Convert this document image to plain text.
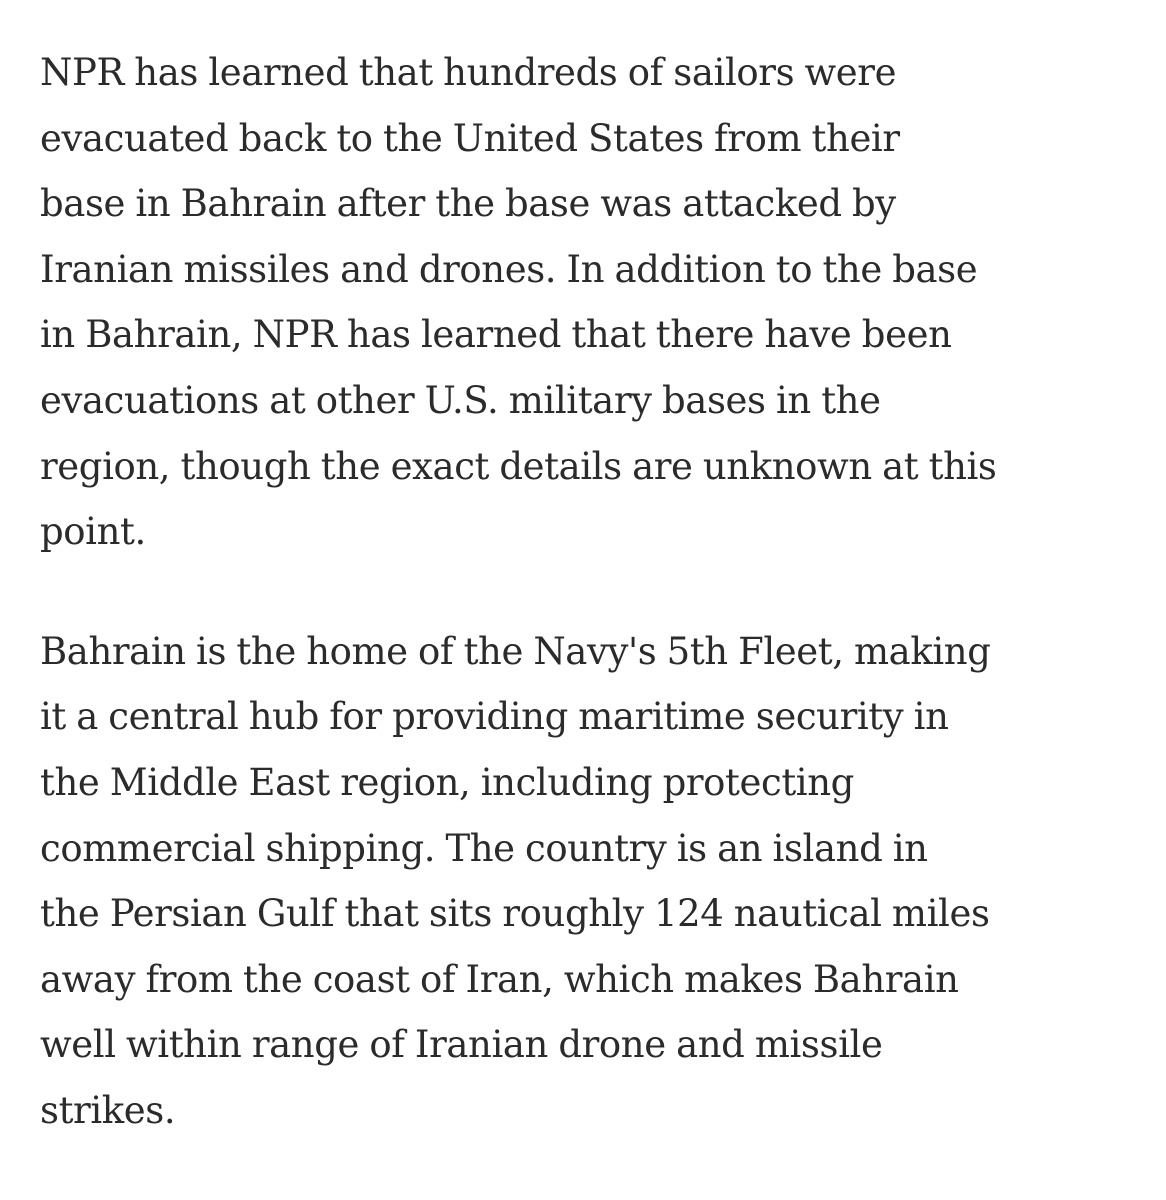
NPR has learned that hundreds of sailors were
evacuated back to the United States from their
base in Bahrain after the base was attacked by
Iranian missiles and drones. In addition to the base
in Bahrain, NPR has learned that there have been
evacuations at other U.S. military bases in the
region, though the exact details are unknown at this
point.

Bahrain is the home of the Navy's 5th Fleet, making
it a central hub for providing maritime security in
the Middle East region, including protecting
commercial shipping. The country is an island in
the Persian Gulf that sits roughly 124 nautical miles
away from the coast of Iran, which makes Bahrain
well within range of Iranian drone and missile
strikes.
